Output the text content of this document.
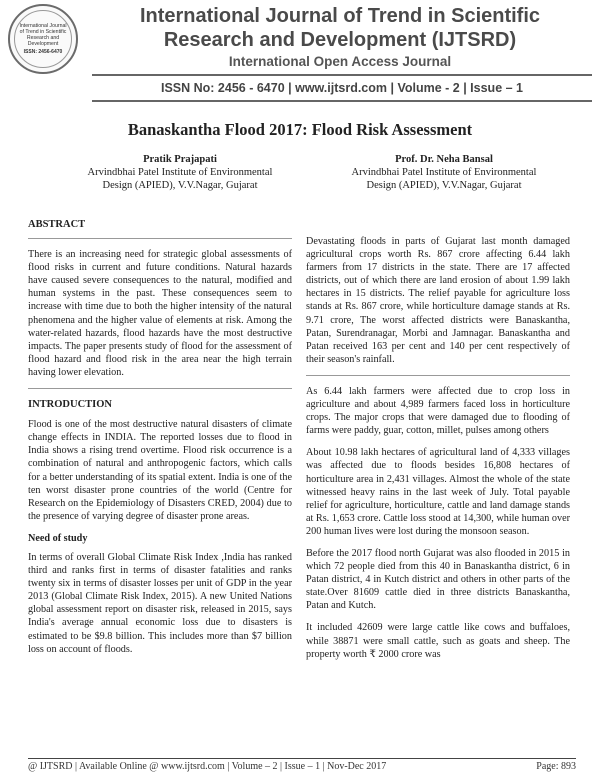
International Journal of Trend in Scientific Research and Development
ISSN: 2456-6470
International Journal of Trend in Scientific
Research and Development (IJTSRD)
International Open Access Journal
ISSN No: 2456 - 6470 | www.ijtsrd.com | Volume - 2 | Issue – 1
Banaskantha Flood 2017: Flood Risk Assessment
Pratik Prajapati
Arvindbhai Patel Institute of Environmental
Design (APIED), V.V.Nagar, Gujarat
Prof. Dr. Neha Bansal
Arvindbhai Patel Institute of Environmental
Design (APIED), V.V.Nagar, Gujarat
ABSTRACT

There is an increasing need for strategic global assessments of flood risks in current and future conditions. Natural hazards have caused severe consequences to the natural, modified and human systems in the past. These consequences seem to increase with time due to both the higher intensity of the natural phenomena and the higher value of elements at risk. Among the water-related hazards, flood hazards have the most destructive impacts. The paper presents study of flood for the assessment of flood hazard and flood risk in the area near the high terrain having lower elevation.

INTRODUCTION

Flood is one of the most destructive natural disasters of climate change effects in INDIA. The reported losses due to flood in India shows a rising trend overtime. Flood risk occurrence is a combination of natural and anthropogenic factors, which calls for a better understanding of its spatial extent. India is one of the ten worst disaster prone countries of the world (Centre for Research on the Epidemiology of Disasters CRED, 2004) due to the presence of varying degree of disaster prone areas.

Need of study

In terms of overall Global Climate Risk Index ,India has ranked third and ranks first in terms of disaster fatalities and ranks twenty six in terms of disaster losses per unit of GDP in the year 2013 (Global Climate Risk Index, 2015). A new United Nations global assessment report on disaster risk, released in 2015, says India's average annual economic loss due to disasters is estimated to be $9.8 billion. This includes more than $7 billion loss on account of floods.

Devastating floods in parts of Gujarat last month damaged agricultural crops worth Rs. 867 crore affecting 6.44 lakh farmers from 17 districts in the state. There are 17 affected districts, out of which there are land erosion of about 1.99 lakh hectares in 15 districts. The relief payable for agriculture loss stands at Rs. 867 crore, while horticulture damage stands at Rs. 9.71 crore, The worst affected districts were Banaskantha, Patan, Surendranagar, Morbi and Jamnagar. Banaskantha and Patan received 163 per cent and 140 per cent respectively of their season's rainfall.

As 6.44 lakh farmers were affected due to crop loss in agriculture and about 4,989 farmers faced loss in horticulture crops. The major crops that were damaged due to flooding of farms were paddy, guar, cotton, millet, pulses among others

About 10.98 lakh hectares of agricultural land of 4,333 villages was affected due to floods besides 16,808 hectares of horticulture area in 2,431 villages. Almost the whole of the state witnessed heavy rains in the last week of July. Total payable relief for agriculture, horticulture, cattle and land damage stands at Rs. 1,653 crore. Cattle loss stood at 14,300, while human over 200 human lives were lost during the monsoon season.

Before the 2017 flood north Gujarat was also flooded in 2015 in which 72 people died from this 40 in Banaskantha district, 6 in Patan district, 4 in Kutch district and others in other parts of the state.Over 81609 cattle died in three districts Banaskantha, Patan and Kutch.

It included 42609 were large cattle like cows and buffaloes, while 38871 were small cattle, such as goats and sheep. The property worth ₹ 2000 crore was

@ IJTSRD | Available Online @ www.ijtsrd.com | Volume – 2 | Issue – 1 | Nov-Dec 2017	Page: 893
